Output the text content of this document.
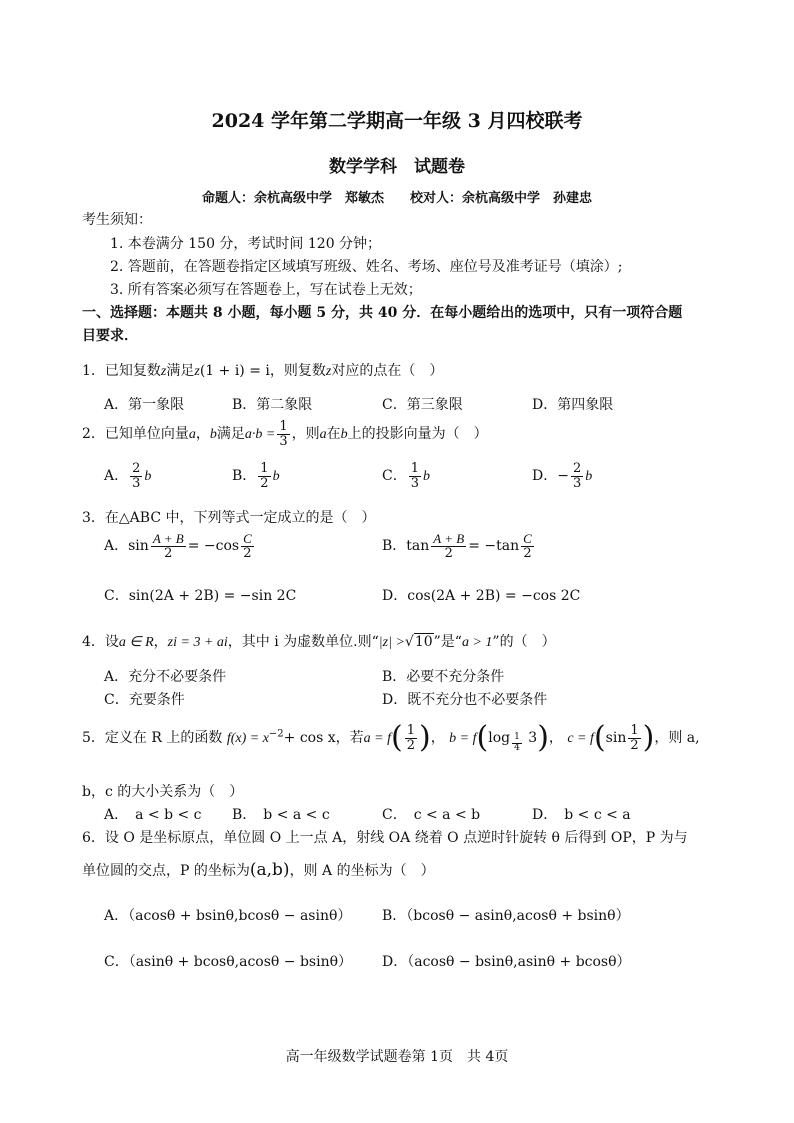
2024 学年第二学期高一年级 3 月四校联考
数学学科　试题卷
命题人：余杭高级中学　郑敏杰　　校对人：余杭高级中学　孙建忠
考生须知：
1. 本卷满分 150 分，考试时间 120 分钟；
2. 答题前，在答题卷指定区域填写班级、姓名、考场、座位号及准考证号（填涂）;
3. 所有答案必须写在答题卷上，写在试卷上无效；
一、选择题：本题共 8 小题，每小题 5 分，共 40 分．在每小题给出的选项中，只有一项符合题
目要求．
1．已知复数z满足z(1 + i) = i，则复数z对应的点在（　）
A．第一象限	B．第二象限	C．第三象限	D．第四象限
2．已知单位向量a，b满足$a\cdot b = \frac{1}{3}$ ，则a在b上的投影向量为（　）
A． $\frac{2}{3}$ b	B． $\frac{1}{2}$ b	C． $\frac{1}{3}$ b	D．− $\frac{2}{3}$ b
3．在△ABC 中，下列等式一定成立的是（　）
A．$\sin \frac{A + B}{2} = -\cos \frac{C}{2}$	B．$\tan \frac{A + B}{2} = -\tan \frac{C}{2}$
C．sin(2A + 2B) = −sin 2C	D．cos(2A + 2B) = −cos 2C
4．设a ∈ R，zi = 3 + ai，其中 i 为虚数单位.则“|z| >√10”是“a > 1”的（　）
A．充分不必要条件	B．必要不充分条件
C．充要条件	D．既不充分也不必要条件
5．定义在 R 上的函数 $f(x) = x^{-2}+ \cos x$，若$a = f( \frac{1}{2}$ )， b = f(log $_{\frac{1}{4}}$ 3)， $c = f(\sin \frac{1}{2}$ )，则 a,
b，c 的大小关系为（　）
A．　a < b < c B．　b < a < c	C．　c < a < b	D．　b < c < a
6．设 O 是坐标原点，单位圆 O 上一点 A，射线 OA 绕着 O 点逆时针旋转 θ 后得到 OP，P 为与
单位圆的交点，P 的坐标为(a,b)，则 A 的坐标为（　）
A．（acosθ + bsinθ,bcosθ − asinθ） B．（bcosθ − asinθ,acosθ + bsinθ）
C．（asinθ + bcosθ,acosθ − bsinθ） D．（acosθ − bsinθ,asinθ + bcosθ）
高一年级数学试题卷第 1页　共 4页
